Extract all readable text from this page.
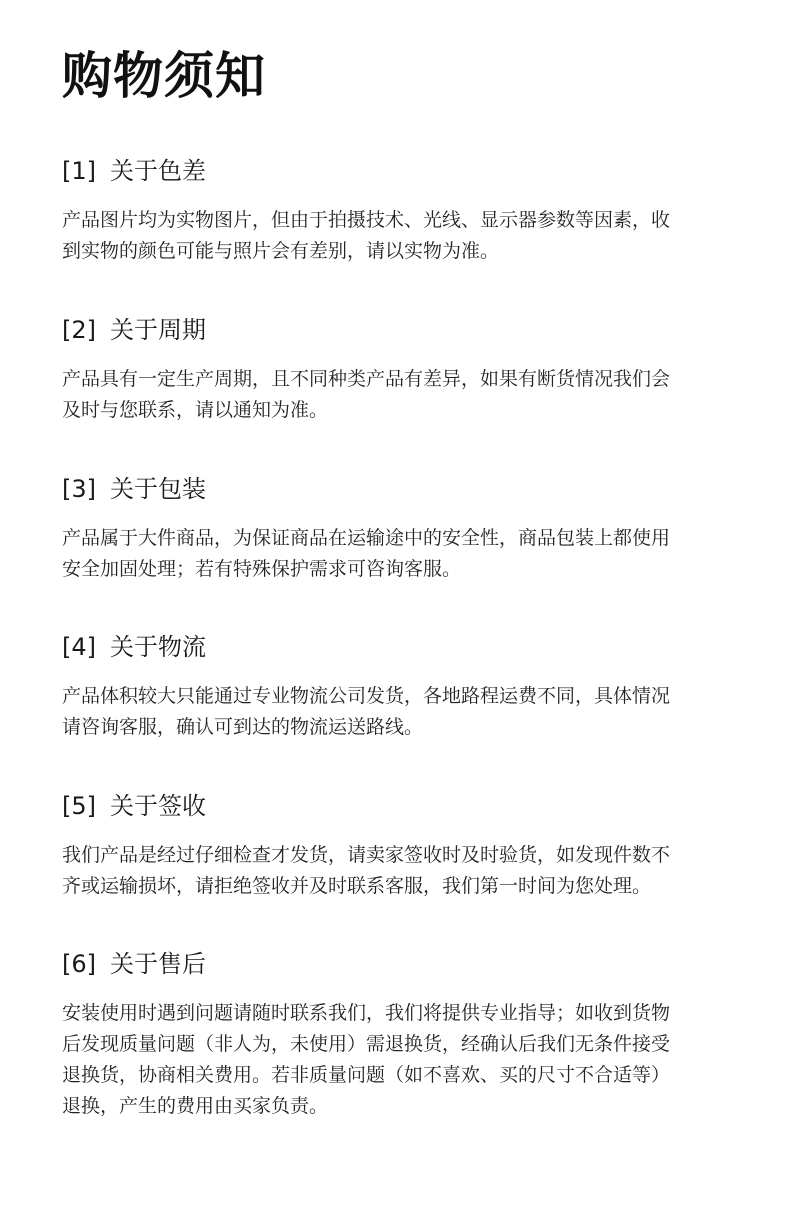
购物须知
[1] 关于色差

产品图片均为实物图片，但由于拍摄技术、光线、显示器参数等因素，收
到实物的颜色可能与照片会有差别，请以实物为准。

[2] 关于周期

产品具有一定生产周期，且不同种类产品有差异，如果有断货情况我们会
及时与您联系，请以通知为准。

[3] 关于包装

产品属于大件商品，为保证商品在运输途中的安全性，商品包装上都使用
安全加固处理；若有特殊保护需求可咨询客服。

[4] 关于物流

产品体积较大只能通过专业物流公司发货，各地路程运费不同，具体情况
请咨询客服，确认可到达的物流运送路线。

[5] 关于签收

我们产品是经过仔细检查才发货，请卖家签收时及时验货，如发现件数不
齐或运输损坏，请拒绝签收并及时联系客服，我们第一时间为您处理。

[6] 关于售后

安装使用时遇到问题请随时联系我们，我们将提供专业指导；如收到货物
后发现质量问题（非人为，未使用）需退换货，经确认后我们无条件接受
退换货，协商相关费用。若非质量问题（如不喜欢、买的尺寸不合适等）
退换，产生的费用由买家负责。
